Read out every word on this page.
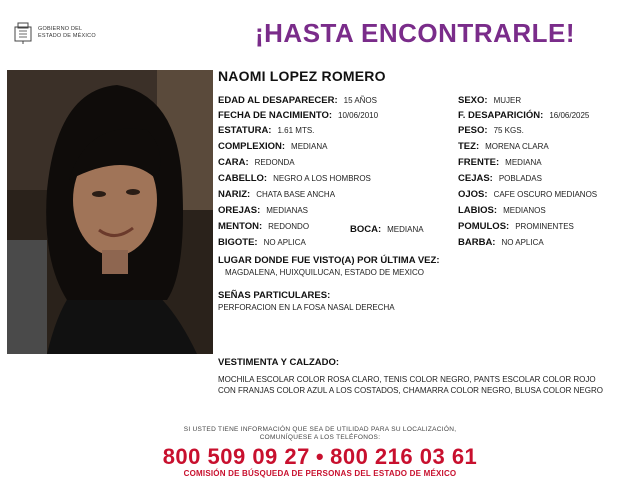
GOBIERNO DEL
ESTADO DE MÉXICO	¡HASTA ENCONTRARLE!
NAOMI LOPEZ ROMERO
EDAD AL DESAPARECER: 15 AÑOS
FECHA DE NACIMIENTO: 10/06/2010
ESTATURA: 1.61 MTS.
COMPLEXION: MEDIANA
CARA: REDONDA
CABELLO: NEGRO A LOS HOMBROS
NARIZ: CHATA BASE ANCHA
OREJAS: MEDIANAS
MENTON: REDONDO	BOCA: MEDIANA
BIGOTE: NO APLICA
SEXO: MUJER
F. DESAPARICIÓN: 16/06/2025
PESO: 75 KGS.
TEZ: MORENA CLARA
FRENTE: MEDIANA
CEJAS: POBLADAS
OJOS: CAFE OSCURO MEDIANOS
LABIOS: MEDIANOS
POMULOS: PROMINENTES
BARBA: NO APLICA
LUGAR DONDE FUE VISTO(A) POR ÚLTIMA VEZ:
MAGDALENA, HUIXQUILUCAN, ESTADO DE MEXICO
SEÑAS PARTICULARES:
PERFORACION EN LA FOSA NASAL DERECHA
VESTIMENTA Y CALZADO:
MOCHILA ESCOLAR COLOR ROSA CLARO, TENIS COLOR NEGRO, PANTS ESCOLAR COLOR ROJO CON FRANJAS COLOR AZUL A LOS COSTADOS, CHAMARRA COLOR NEGRO, BLUSA COLOR NEGRO
SI USTED TIENE INFORMACIÓN QUE SEA DE UTILIDAD PARA SU LOCALIZACIÓN,
COMUNÍQUESE A LOS TELÉFONOS:
800 509 09 27 • 800 216 03 61
COMISIÓN DE BÚSQUEDA DE PERSONAS DEL ESTADO DE MÉXICO
